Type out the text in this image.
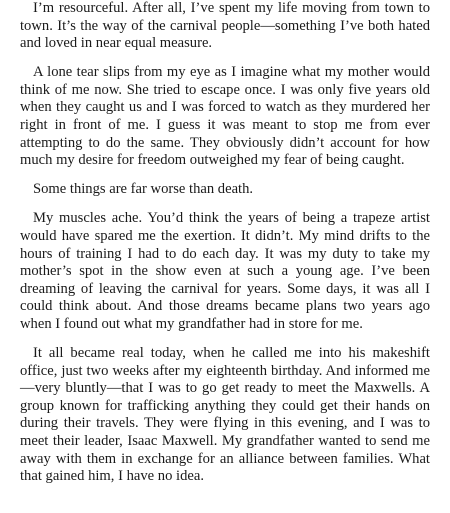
I’m resourceful. After all, I’ve spent my life moving from town to town. It’s the way of the carnival people—something I’ve both hated and loved in near equal measure.

A lone tear slips from my eye as I imagine what my mother would think of me now. She tried to escape once. I was only five years old when they caught us and I was forced to watch as they murdered her right in front of me. I guess it was meant to stop me from ever attempting to do the same. They obviously didn’t account for how much my desire for freedom outweighed my fear of being caught.

Some things are far worse than death.

My muscles ache. You’d think the years of being a trapeze artist would have spared me the exertion. It didn’t. My mind drifts to the hours of training I had to do each day. It was my duty to take my mother’s spot in the show even at such a young age. I’ve been dreaming of leaving the carnival for years. Some days, it was all I could think about. And those dreams became plans two years ago when I found out what my grandfather had in store for me.

It all became real today, when he called me into his makeshift office, just two weeks after my eighteenth birthday. And informed me—very bluntly—that I was to go get ready to meet the Maxwells. A group known for trafficking anything they could get their hands on during their travels. They were flying in this evening, and I was to meet their leader, Isaac Maxwell. My grandfather wanted to send me away with them in exchange for an alliance between families. What that gained him, I have no idea.
